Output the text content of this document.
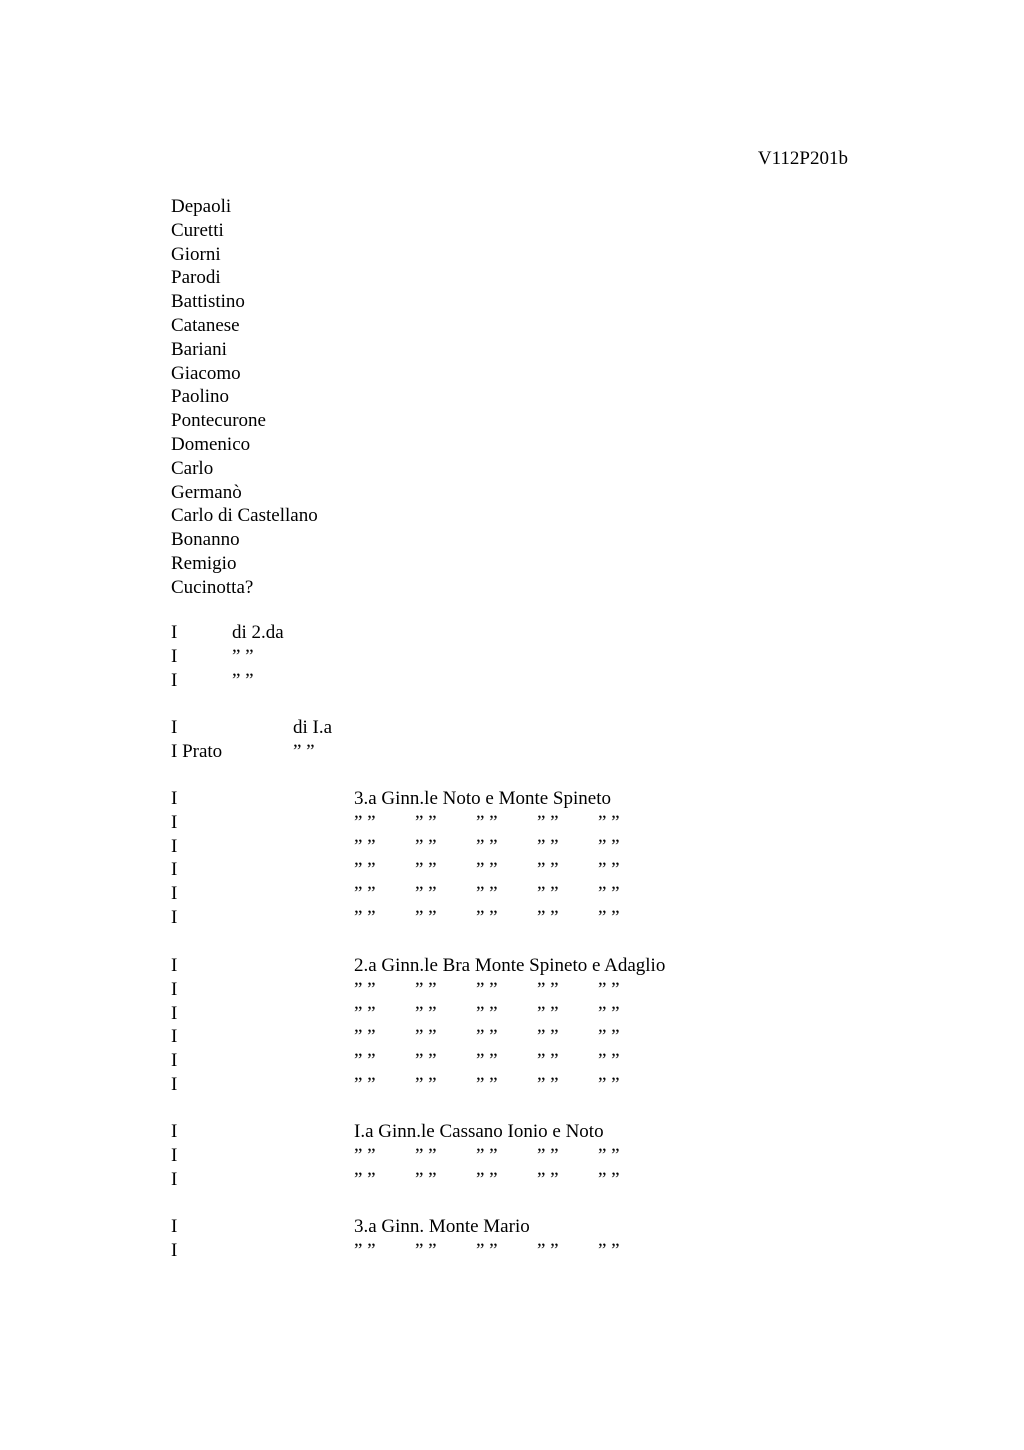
V112P201b
Depaoli
Curetti
Giorni
Parodi
Battistino
Catanese
Bariani
Giacomo
Paolino
Pontecurone
Domenico
Carlo
Germanò
Carlo di Castellano
Bonanno
Remigio
Cucinotta?
I	di 2.da
I	” ”
I	” ”
I	di I.a
I Prato	” ”
I	3.a Ginn.le Noto e Monte Spineto
I	” ” ” ” ” ” ” ” ” ”
I	” ” ” ” ” ” ” ” ” ”
I	” ” ” ” ” ” ” ” ” ”
I	” ” ” ” ” ” ” ” ” ”
I	” ” ” ” ” ” ” ” ” ”
I	2.a Ginn.le Bra Monte Spineto e Adaglio
I	” ” ” ” ” ” ” ” ” ”
I	” ” ” ” ” ” ” ” ” ”
I	” ” ” ” ” ” ” ” ” ”
I	” ” ” ” ” ” ” ” ” ”
I	” ” ” ” ” ” ” ” ” ”
I	I.a Ginn.le Cassano Ionio e Noto
I	” ” ” ” ” ” ” ” ” ”
I	” ” ” ” ” ” ” ” ” ”
I	3.a Ginn. Monte Mario
I	” ” ” ” ” ” ” ” ” ”
